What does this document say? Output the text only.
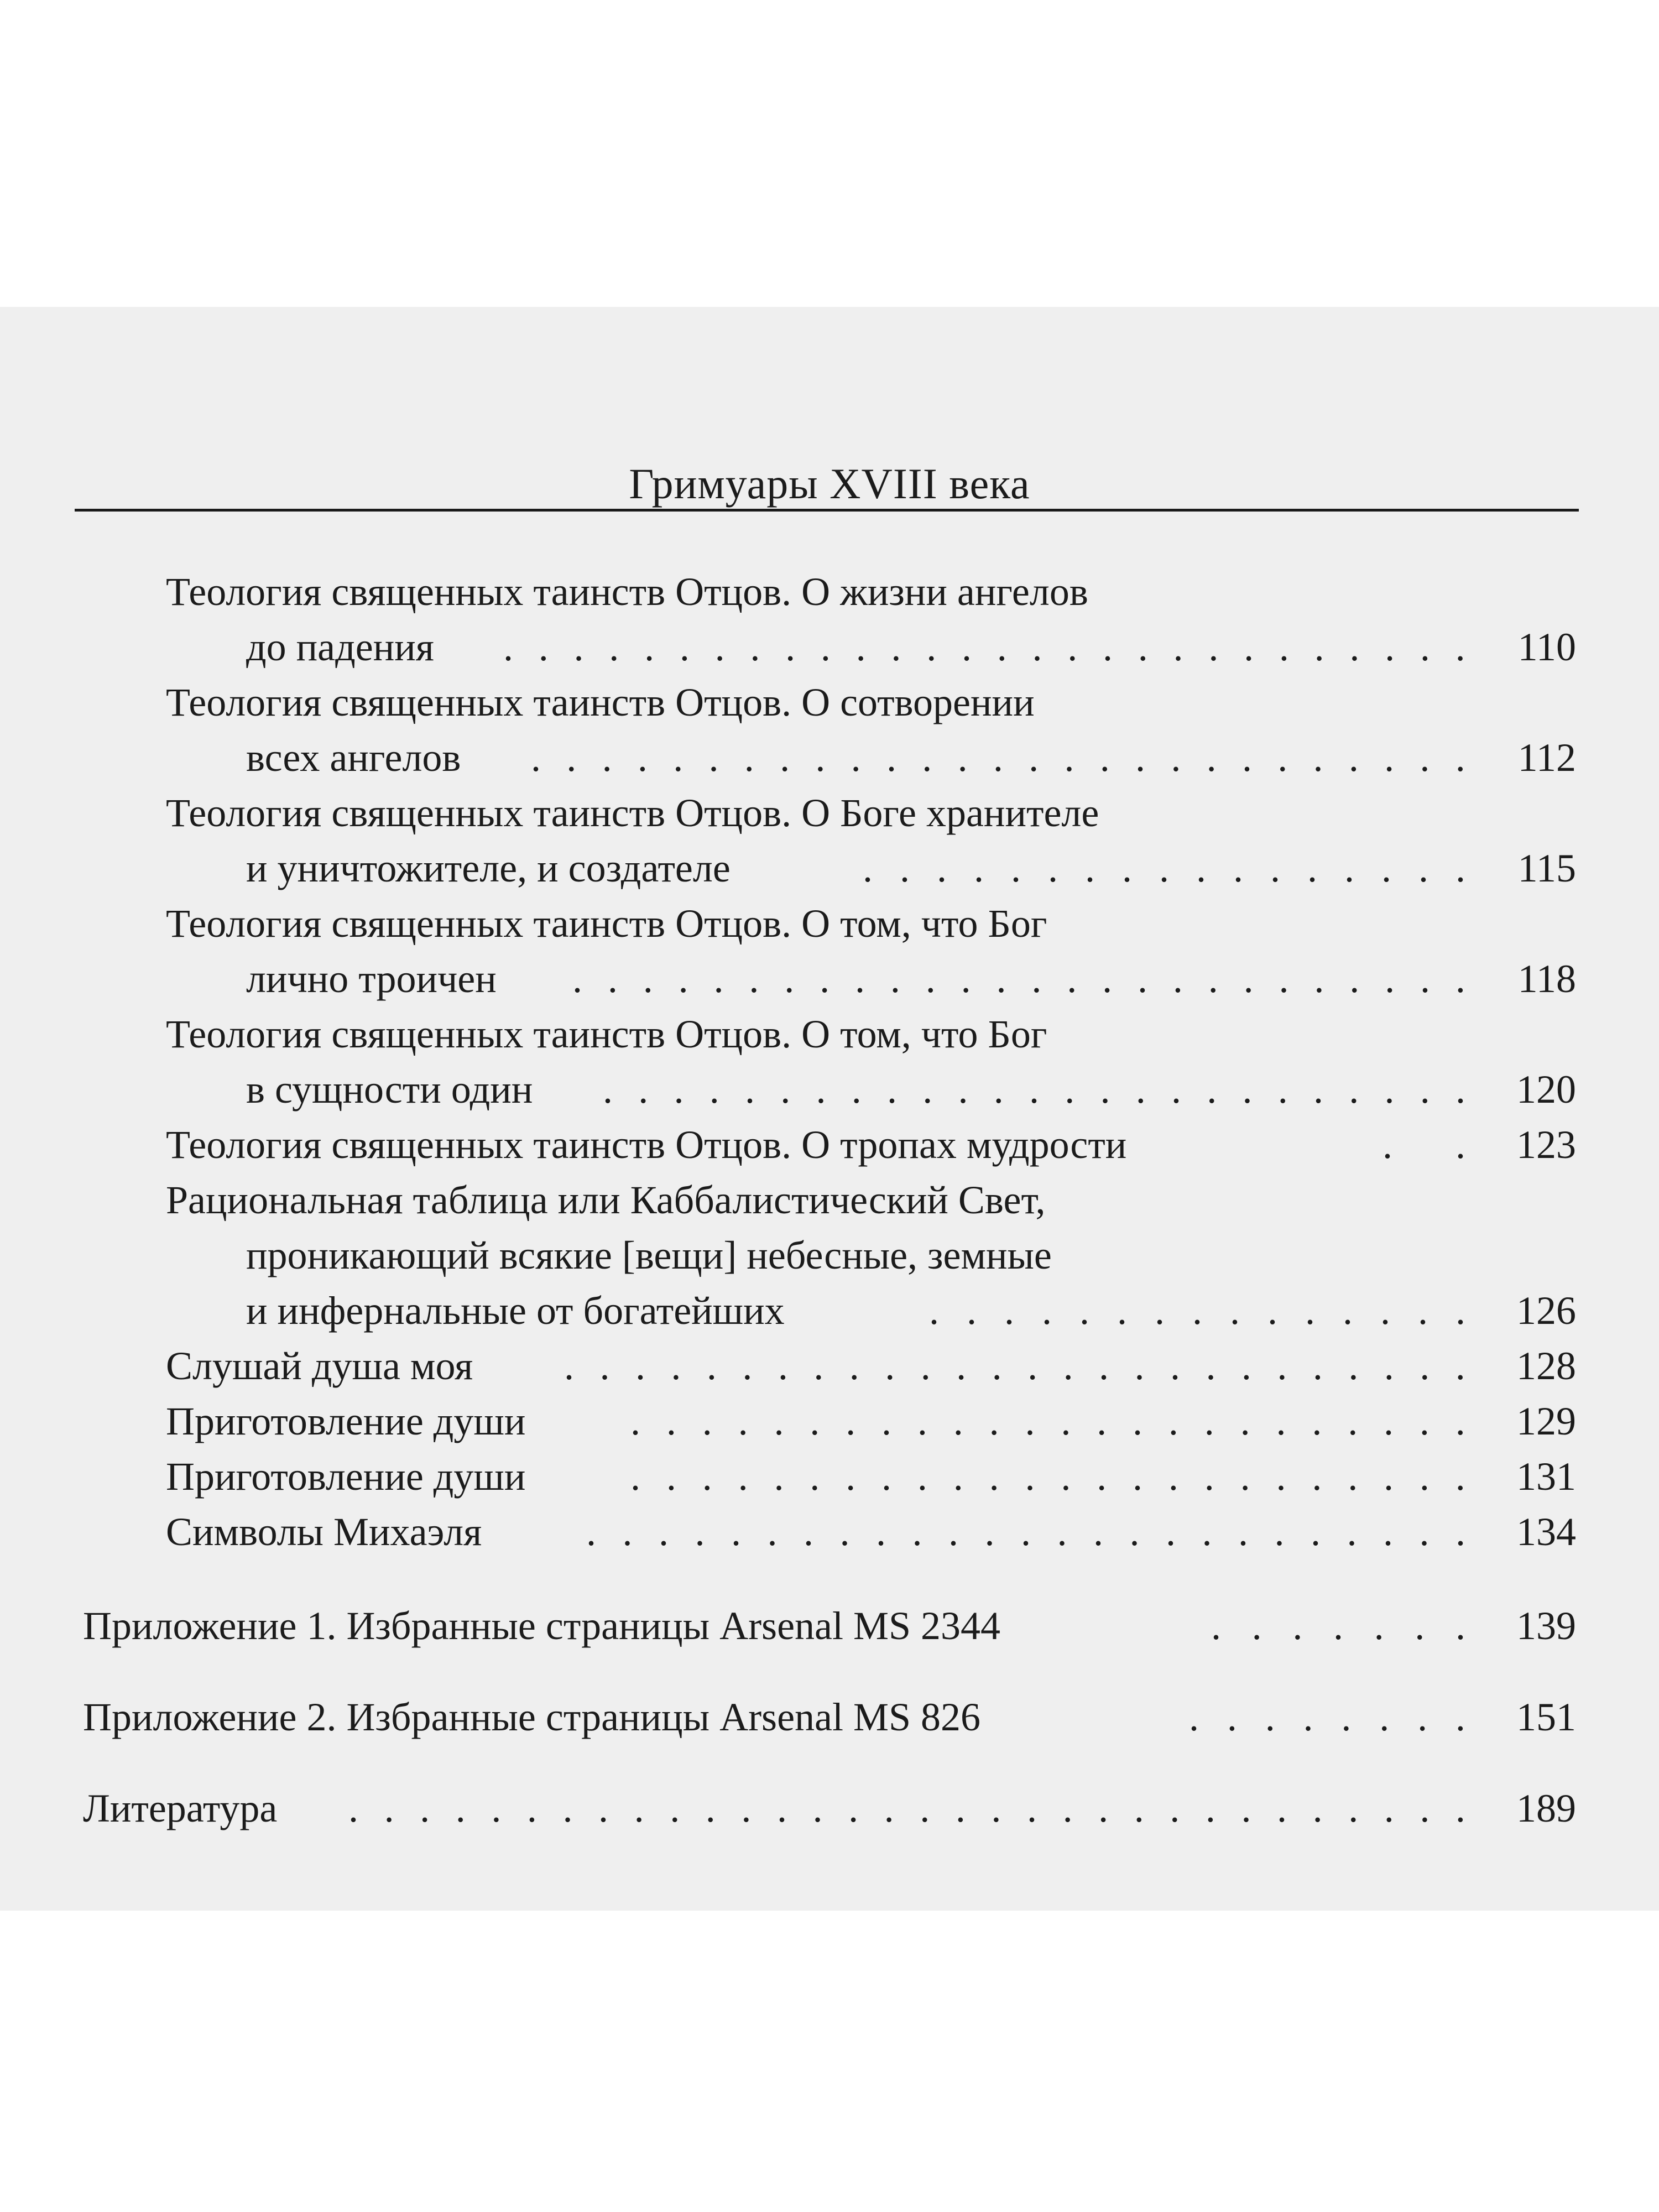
Гримуары XVIII века
Теология священных таинств Отцов. О жизни ангелов
до падения . . . . . . . . . . . . . . . . . . . . . . . . . . . . 110
Теология священных таинств Отцов. О сотворении
всех ангелов . . . . . . . . . . . . . . . . . . . . . . . . . . . 112
Теология священных таинств Отцов. О Боге хранителе
и уничтожителе, и создателе	. . . . . . . . . . . . . . . . . 115
Теология священных таинств Отцов. О том, что Бог
лично троичен . . . . . . . . . . . . . . . . . . . . . . . . . . 118
Теология священных таинств Отцов. О том, что Бог
в сущности один . . . . . . . . . . . . . . . . . . . . . . . . . 120
Теология священных таинств Отцов. О тропах мудрости	. . 123
Рациональная таблица или Каббалистический Свет,
проникающий всякие [вещи] небесные, земные
и инфернальные от богатейших	. . . . . . . . . . . . . . . 126
Слушай душа моя . . . . . . . . . . . . . . . . . . . . . . . . . . 128
Приготовление души	. . . . . . . . . . . . . . . . . . . . . . . . 129
Приготовление души	. . . . . . . . . . . . . . . . . . . . . . . . 131
Символы Михаэля	. . . . . . . . . . . . . . . . . . . . . . . . . 134
Приложение 1. Избранные страницы Arsenal MS 2344	. . . . . . . 139
Приложение 2. Избранные страницы Arsenal MS 826	. . . . . . . . 151
Литература . . . . . . . . . . . . . . . . . . . . . . . . . . . . . . . . 189
